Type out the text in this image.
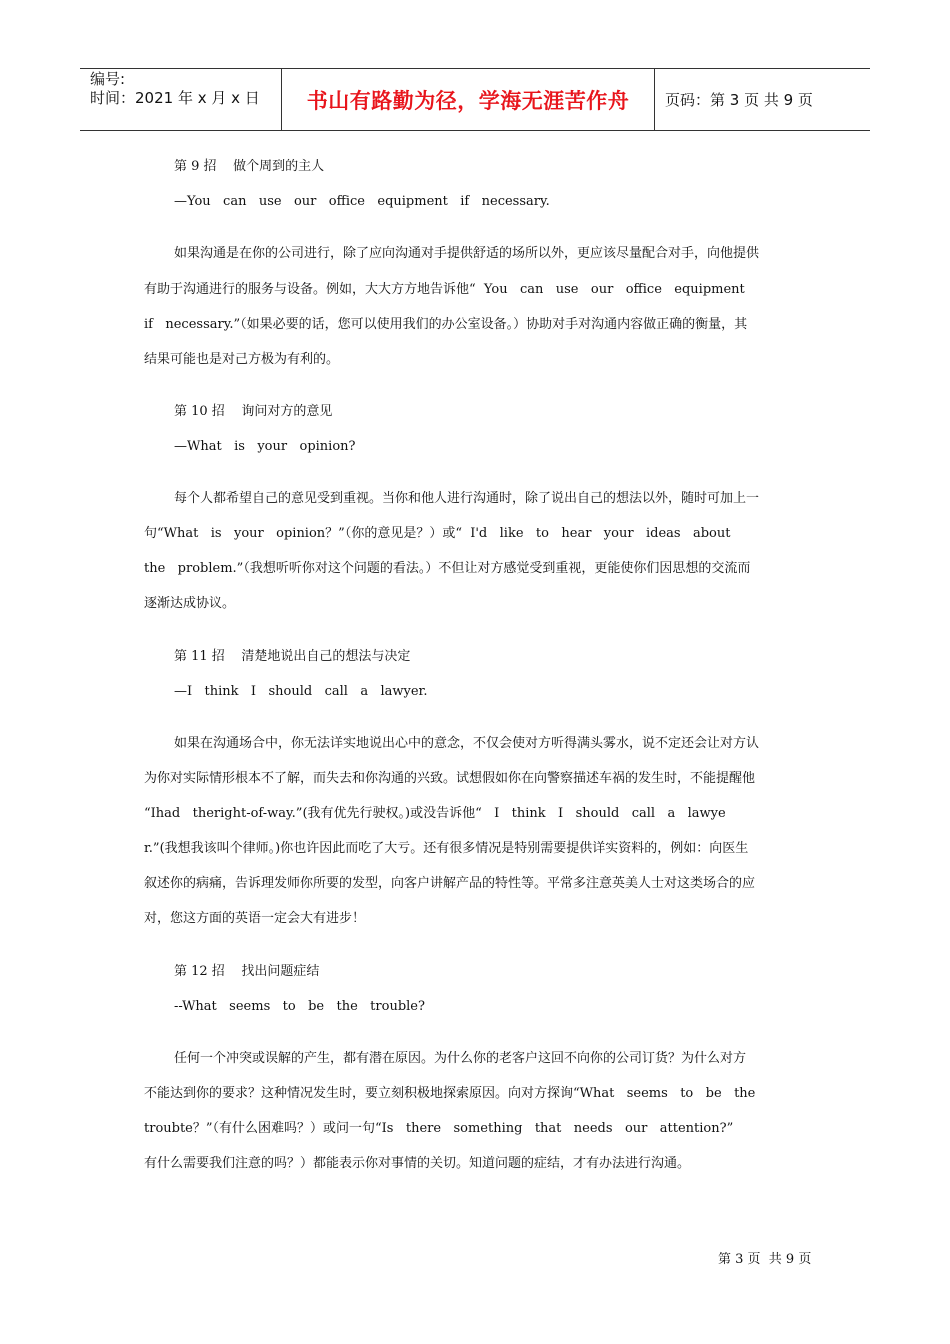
编号:
时间：2021 年 x 月 x 日	书山有路勤为径，学海无涯苦作舟	页码：第 3 页 共 9 页
第 9 招    做个周到的主人
—You   can   use   our   office   equipment   if   necessary.
如果沟通是在你的公司进行，除了应向沟通对手提供舒适的场所以外，更应该尽量配合对手，向他提供
有助于沟通进行的服务与设备。例如，大大方方地告诉他“  You   can   use   our   office   equipment
if   necessary.”（如果必要的话，您可以使用我们的办公室设备。）协助对手对沟通内容做正确的衡量，其
结果可能也是对己方极为有利的。
第 10 招    询问对方的意见
—What   is   your   opinion?
每个人都希望自己的意见受到重视。当你和他人进行沟通时，除了说出自己的想法以外，随时可加上一
句“What   is   your   opinion？”（你的意见是？）或“  I'd   like   to   hear   your   ideas   about
the   problem.”（我想听听你对这个问题的看法。）不但让对方感觉受到重视，更能使你们因思想的交流而
逐渐达成协议。
第 11 招    清楚地说出自己的想法与决定
—I   think   I   should   call   a   lawyer.
如果在沟通场合中，你无法详实地说出心中的意念，不仅会使对方听得满头雾水，说不定还会让对方认
为你对实际情形根本不了解，而失去和你沟通的兴致。试想假如你在向警察描述车祸的发生时，不能提醒他
“Ihad   theright-of-way.”(我有优先行驶权。)或没告诉他“   I   think   I   should   call   a   lawye
r.”(我想我该叫个律师。)你也许因此而吃了大亏。还有很多情况是特别需要提供详实资料的，例如：向医生
叙述你的病痛，告诉理发师你所要的发型，向客户讲解产品的特性等。平常多注意英美人士对这类场合的应
对，您这方面的英语一定会大有进步！
第 12 招    找出问题症结
--What   seems   to   be   the   trouble?
任何一个冲突或误解的产生，都有潜在原因。为什么你的老客户这回不向你的公司订货？为什么对方
不能达到你的要求？这种情况发生时，要立刻积极地探索原因。向对方探询“What   seems   to   be   the
troubte？”（有什么困难吗？）或问一句“Is   there   something   that   needs   our   attention?”
有什么需要我们注意的吗？）都能表示你对事情的关切。知道问题的症结，才有办法进行沟通。
第 3 页  共 9 页
